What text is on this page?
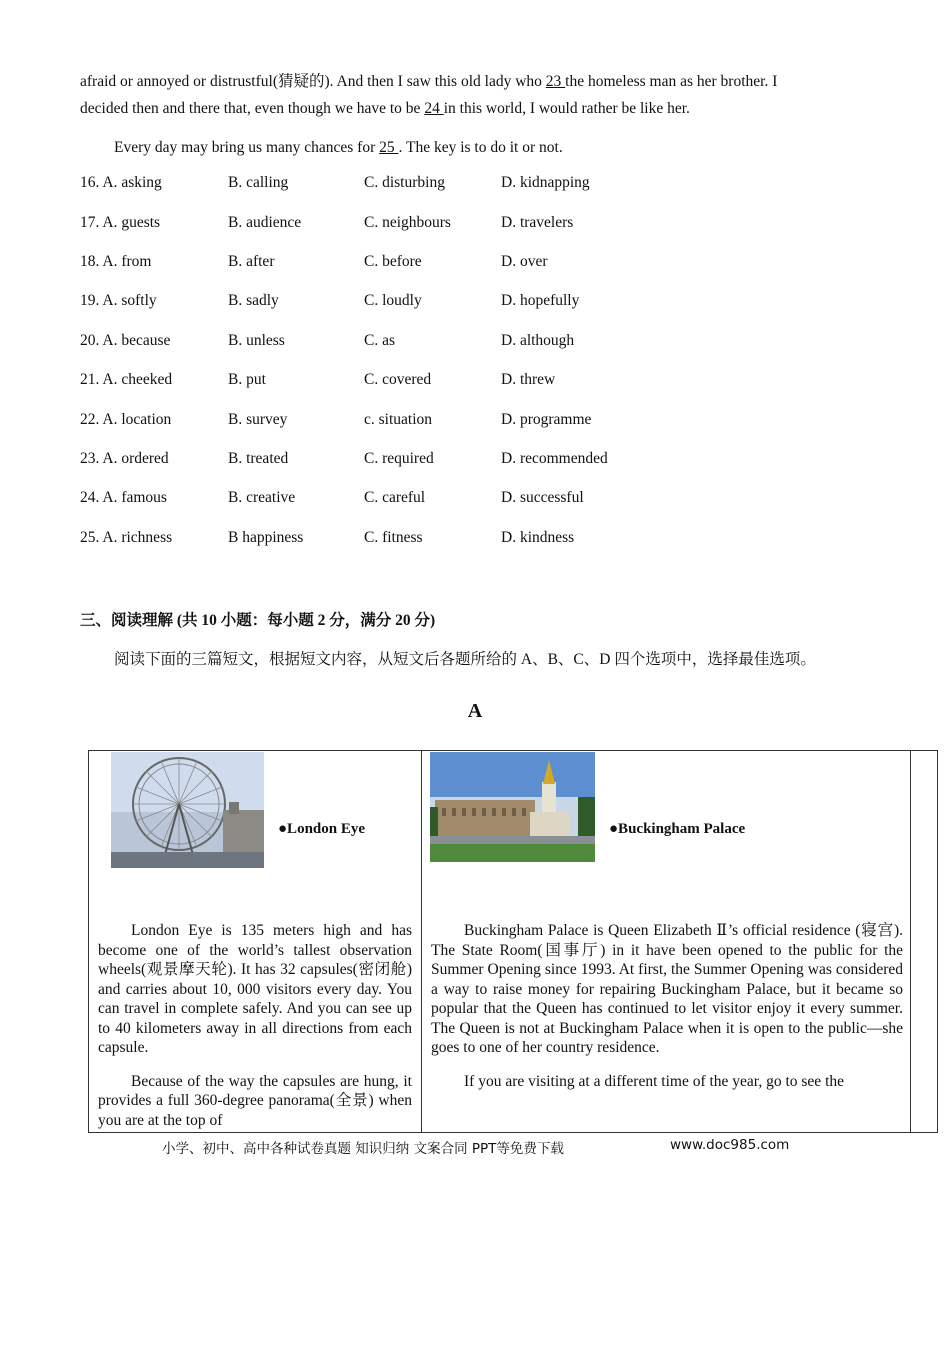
afraid or annoyed or distrustful(猜疑的). And then I saw this old lady who 23 the homeless man as her brother. I
decided then and there that, even though we have to be 24 in this world, I would rather be like her.
Every day may bring us many chances for 25 . The key is to do it or not.
16. A. asking	B. calling	C. disturbing	D. kidnapping
17. A. guests	B. audience	C. neighbours	D. travelers
18. A. from	B. after	C. before	D. over
19. A. softly	B. sadly	C. loudly	D. hopefully
20. A. because	B. unless	C. as	D. although
21. A. cheeked	B. put	C. covered	D. threw
22. A. location	B. survey	c. situation	D. programme
23. A. ordered	B. treated	C. required	D. recommended
24. A. famous	B. creative	C. careful	D. successful
25. A. richness	B happiness	C. fitness	D. kindness
三、阅读理解 (共 10 小题：每小题 2 分，满分 20 分)
阅读下面的三篇短文，根据短文内容，从短文后各题所给的 A、B、C、D 四个选项中，选择最佳选项。
A
●London Eye

London Eye is 135 meters high and has become one of the world’s tallest observation wheels(观景摩天轮). It has 32 capsules(密闭舱) and carries about 10, 000 visitors every day. You can travel in complete safely. And you can see up to 40 kilometers away in all directions from each capsule.

Because of the way the capsules are hung, it provides a full 360-degree panorama(全景) when you are at the top of

●Buckingham Palace

Buckingham Palace is Queen Elizabeth Ⅱ’s official residence (寝宫). The State Room(国事厅) in it have been opened to the public for the Summer Opening since 1993. At first, the Summer Opening was considered a way to raise money for repairing Buckingham Palace, but it became so popular that the Queen has continued to let visitor enjoy it every summer. The Queen is not at Buckingham Palace when it is open to the public—she goes to one of her country residence.

If you are visiting at a different time of the year, go to see the

小学、初中、高中各种试卷真题 知识归纳 文案合同 PPT等免费下载	www.doc985.com
